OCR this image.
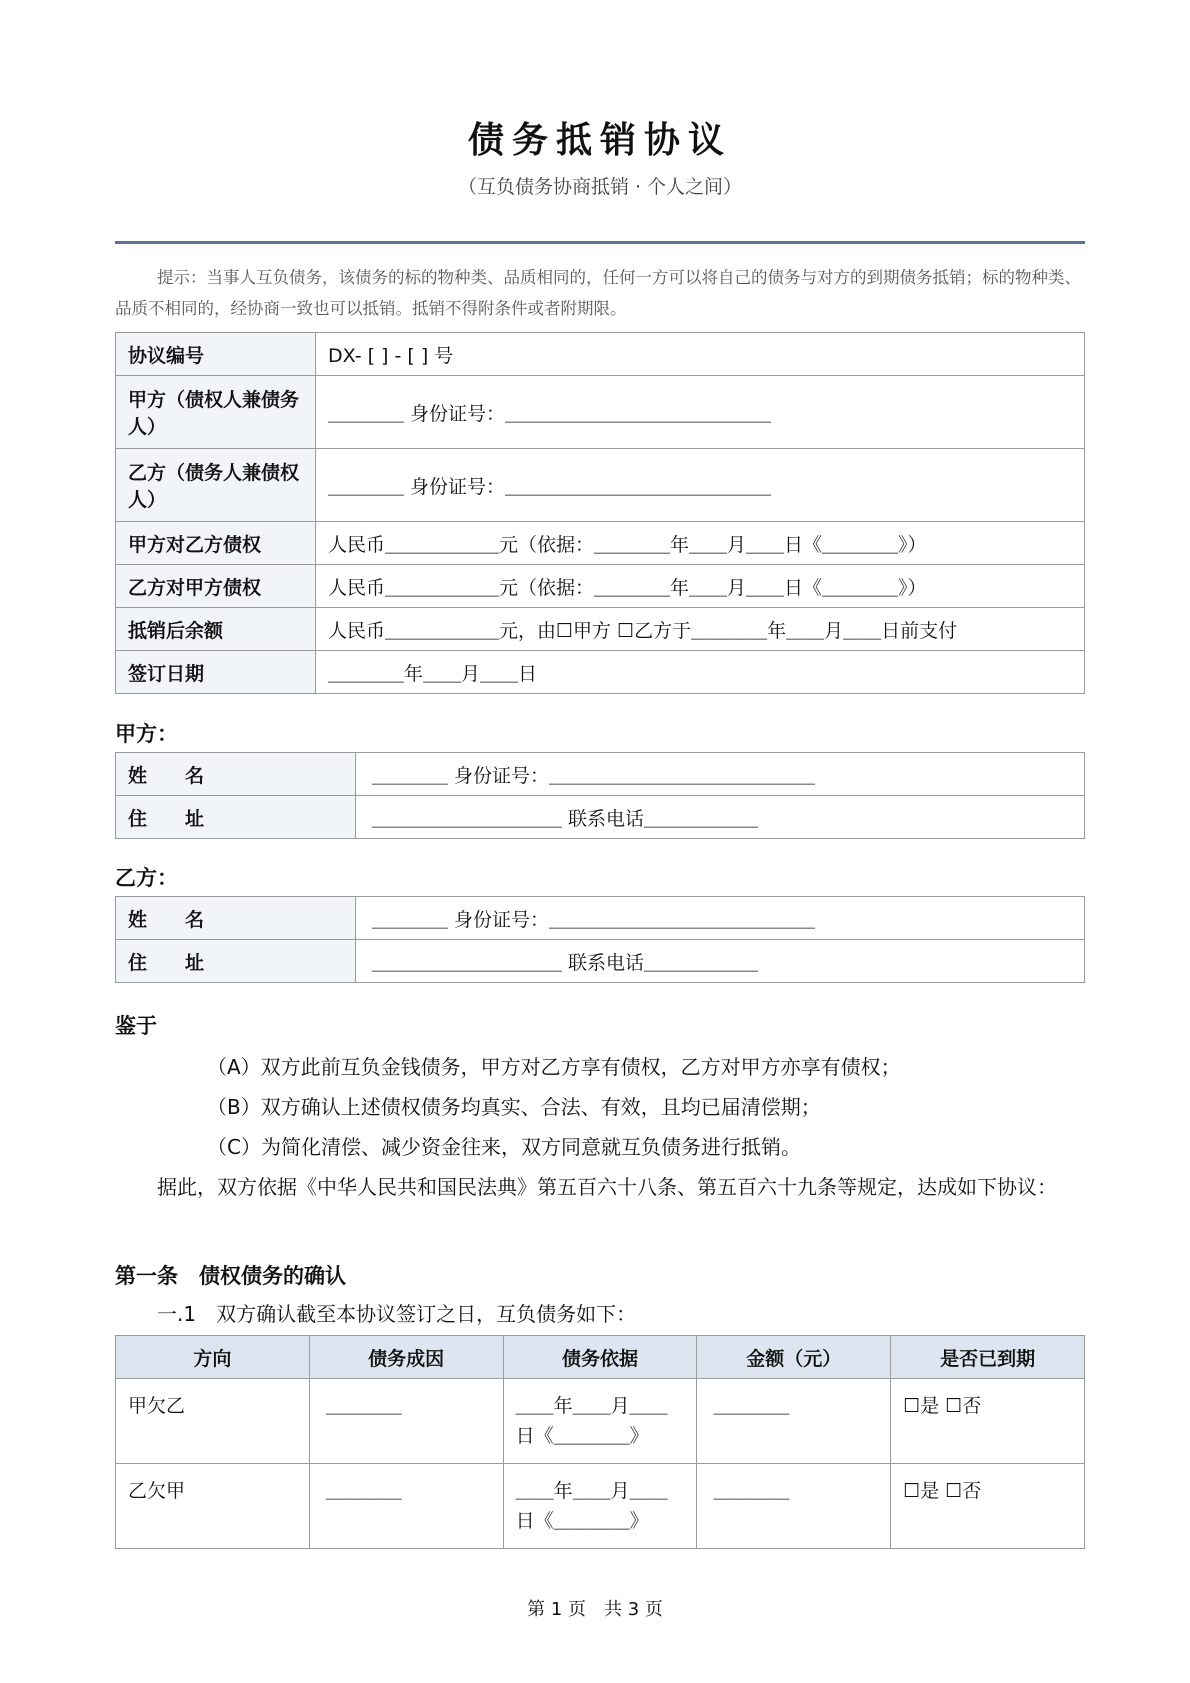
债务抵销协议
（互负债务协商抵销 · 个人之间）
提示：当事人互负债务，该债务的标的物种类、品质相同的，任何一方可以将自己的债务与对方的到期债务抵销；标的物种类、品质不相同的，经协商一致也可以抵销。抵销不得附条件或者附期限。
协议编号	DX- [ ] - [ ] 号
甲方（债权人兼债务人）	＿＿＿＿ 身份证号：＿＿＿＿＿＿＿＿＿＿＿＿＿＿
乙方（债务人兼债权人）	＿＿＿＿ 身份证号：＿＿＿＿＿＿＿＿＿＿＿＿＿＿
甲方对乙方债权	人民币＿＿＿＿＿＿元（依据：＿＿＿＿年＿＿月＿＿日《＿＿＿＿》）
乙方对甲方债权	人民币＿＿＿＿＿＿元（依据：＿＿＿＿年＿＿月＿＿日《＿＿＿＿》）
抵销后余额	人民币＿＿＿＿＿＿元，由☐甲方 ☐乙方于＿＿＿＿年＿＿月＿＿日前支付
签订日期	＿＿＿＿年＿＿月＿＿日
甲方：
姓　　名	＿＿＿＿ 身份证号：＿＿＿＿＿＿＿＿＿＿＿＿＿＿
住　　址	＿＿＿＿＿＿＿＿＿＿ 联系电话＿＿＿＿＿＿
乙方：
姓　　名	＿＿＿＿ 身份证号：＿＿＿＿＿＿＿＿＿＿＿＿＿＿
住　　址	＿＿＿＿＿＿＿＿＿＿ 联系电话＿＿＿＿＿＿
鉴于
（A）双方此前互负金钱债务，甲方对乙方享有债权，乙方对甲方亦享有债权；
（B）双方确认上述债权债务均真实、合法、有效，且均已届清偿期；
（C）为简化清偿、减少资金往来，双方同意就互负债务进行抵销。
据此，双方依据《中华人民共和国民法典》第五百六十八条、第五百六十九条等规定，达成如下协议：
第一条　债权债务的确认
一.1　双方确认截至本协议签订之日，互负债务如下：
方向	债务成因	债务依据	金额（元）	是否已到期
甲欠乙	＿＿＿＿	＿＿年＿＿月＿＿日《＿＿＿＿》	＿＿＿＿	☐是 ☐否
乙欠甲	＿＿＿＿	＿＿年＿＿月＿＿日《＿＿＿＿》	＿＿＿＿	☐是 ☐否
第 1 页　共 3 页
